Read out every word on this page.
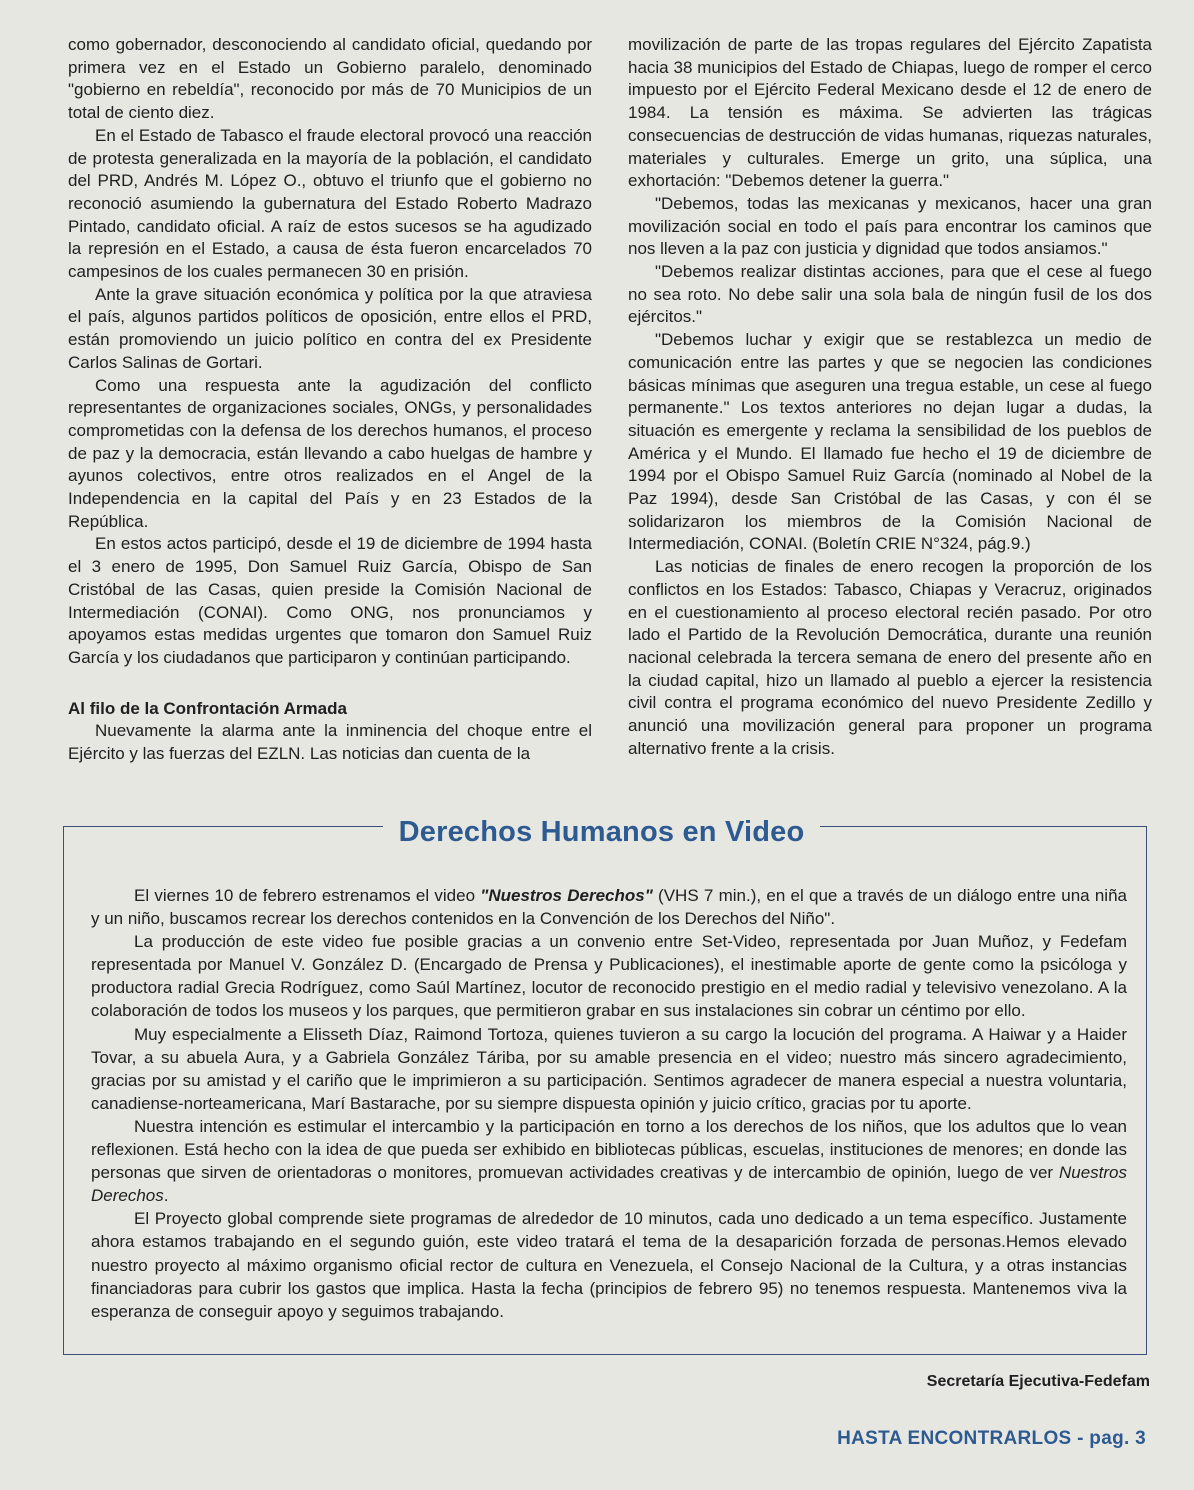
como gobernador, desconociendo al candidato oficial, quedando por primera vez en el Estado un Gobierno paralelo, denominado "gobierno en rebeldía", reconocido por más de 70 Municipios de un total de ciento diez.

En el Estado de Tabasco el fraude electoral provocó una reacción de protesta generalizada en la mayoría de la población, el candidato del PRD, Andrés M. López O., obtuvo el triunfo que el gobierno no reconoció asumiendo la gubernatura del Estado Roberto Madrazo Pintado, candidato oficial. A raíz de estos sucesos se ha agudizado la represión en el Estado, a causa de ésta fueron encarcelados 70 campesinos de los cuales permanecen 30 en prisión.

Ante la grave situación económica y política por la que atraviesa el país, algunos partidos políticos de oposición, entre ellos el PRD, están promoviendo un juicio político en contra del ex Presidente Carlos Salinas de Gortari.

Como una respuesta ante la agudización del conflicto representantes de organizaciones sociales, ONGs, y personalidades comprometidas con la defensa de los derechos humanos, el proceso de paz y la democracia, están llevando a cabo huelgas de hambre y ayunos colectivos, entre otros realizados en el Angel de la Independencia en la capital del País y en 23 Estados de la República.

En estos actos participó, desde el 19 de diciembre de 1994 hasta el 3 enero de 1995, Don Samuel Ruiz García, Obispo de San Cristóbal de las Casas, quien preside la Comisión Nacional de Intermediación (CONAI). Como ONG, nos pronunciamos y apoyamos estas medidas urgentes que tomaron don Samuel Ruiz García y los ciudadanos que participaron y continúan participando.

Al filo de la Confrontación Armada

Nuevamente la alarma ante la inminencia del choque entre el Ejército y las fuerzas del EZLN. Las noticias dan cuenta de la

movilización de parte de las tropas regulares del Ejército Zapatista hacia 38 municipios del Estado de Chiapas, luego de romper el cerco impuesto por el Ejército Federal Mexicano desde el 12 de enero de 1984. La tensión es máxima. Se advierten las trágicas consecuencias de destrucción de vidas humanas, riquezas naturales, materiales y culturales. Emerge un grito, una súplica, una exhortación: "Debemos detener la guerra."

"Debemos, todas las mexicanas y mexicanos, hacer una gran movilización social en todo el país para encontrar los caminos que nos lleven a la paz con justicia y dignidad que todos ansiamos."

"Debemos realizar distintas acciones, para que el cese al fuego no sea roto. No debe salir una sola bala de ningún fusil de los dos ejércitos."

"Debemos luchar y exigir que se restablezca un medio de comunicación entre las partes y que se negocien las condiciones básicas mínimas que aseguren una tregua estable, un cese al fuego permanente." Los textos anteriores no dejan lugar a dudas, la situación es emergente y reclama la sensibilidad de los pueblos de América y el Mundo. El llamado fue hecho el 19 de diciembre de 1994 por el Obispo Samuel Ruiz García (nominado al Nobel de la Paz 1994), desde San Cristóbal de las Casas, y con él se solidarizaron los miembros de la Comisión Nacional de Intermediación, CONAI. (Boletín CRIE N°324, pág.9.)

Las noticias de finales de enero recogen la proporción de los conflictos en los Estados: Tabasco, Chiapas y Veracruz, originados en el cuestionamiento al proceso electoral recién pasado. Por otro lado el Partido de la Revolución Democrática, durante una reunión nacional celebrada la tercera semana de enero del presente año en la ciudad capital, hizo un llamado al pueblo a ejercer la resistencia civil contra el programa económico del nuevo Presidente Zedillo y anunció una movilización general para proponer un programa alternativo frente a la crisis.

Derechos Humanos en Video

El viernes 10 de febrero estrenamos el video "Nuestros Derechos" (VHS 7 min.), en el que a través de un diálogo entre una niña y un niño, buscamos recrear los derechos contenidos en la Convención de los Derechos del Niño".

La producción de este video fue posible gracias a un convenio entre Set-Video, representada por Juan Muñoz, y Fedefam representada por Manuel V. González D. (Encargado de Prensa y Publicaciones), el inestimable aporte de gente como la psicóloga y productora radial Grecia Rodríguez, como Saúl Martínez, locutor de reconocido prestigio en el medio radial y televisivo venezolano. A la colaboración de todos los museos y los parques, que permitieron grabar en sus instalaciones sin cobrar un céntimo por ello.

Muy especialmente a Elisseth Díaz, Raimond Tortoza, quienes tuvieron a su cargo la locución del programa. A Haiwar y a Haider Tovar, a su abuela Aura, y a Gabriela González Táriba, por su amable presencia en el video; nuestro más sincero agradecimiento, gracias por su amistad y el cariño que le imprimieron a su participación. Sentimos agradecer de manera especial a nuestra voluntaria, canadiense-norteamericana, Marí Bastarache, por su siempre dispuesta opinión y juicio crítico, gracias por tu aporte.

Nuestra intención es estimular el intercambio y la participación en torno a los derechos de los niños, que los adultos que lo vean reflexionen. Está hecho con la idea de que pueda ser exhibido en bibliotecas públicas, escuelas, instituciones de menores; en donde las personas que sirven de orientadoras o monitores, promuevan actividades creativas y de intercambio de opinión, luego de ver Nuestros Derechos.

El Proyecto global comprende siete programas de alrededor de 10 minutos, cada uno dedicado a un tema específico. Justamente ahora estamos trabajando en el segundo guión, este video tratará el tema de la desaparición forzada de personas.Hemos elevado nuestro proyecto al máximo organismo oficial rector de cultura en Venezuela, el Consejo Nacional de la Cultura, y a otras instancias financiadoras para cubrir los gastos que implica. Hasta la fecha (principios de febrero 95) no tenemos respuesta. Mantenemos viva la esperanza de conseguir apoyo y seguimos trabajando.

Secretaría Ejecutiva-Fedefam
HASTA ENCONTRARLOS - pag. 3
